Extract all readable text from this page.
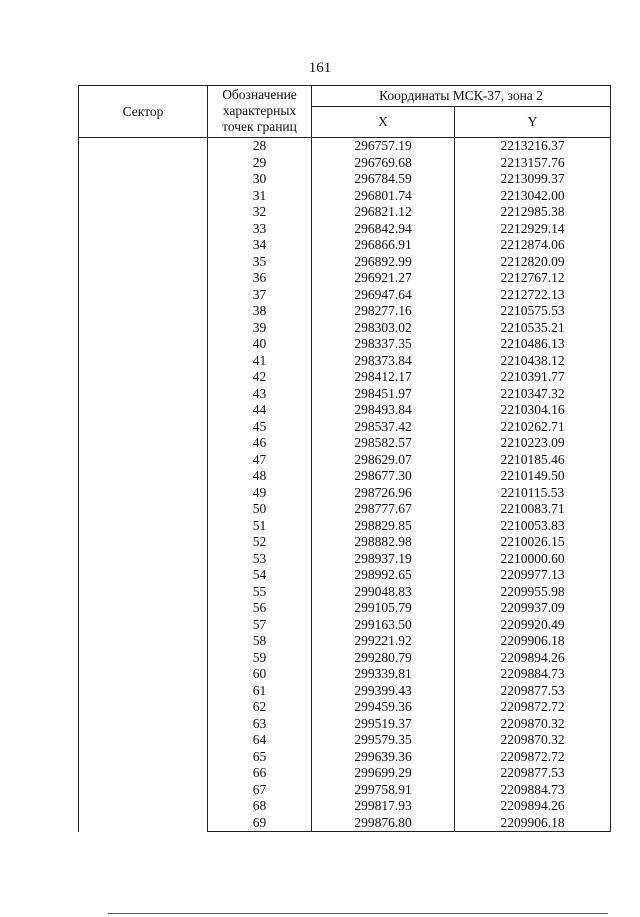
161
Сектор	Обозначение характерных точек границ	Координаты МСК-37, зона 2	
		X	Y
	28	296757.19	2213216.37
	29	296769.68	2213157.76
	30	296784.59	2213099.37
	31	296801.74	2213042.00
	32	296821.12	2212985.38
	33	296842.94	2212929.14
	34	296866.91	2212874.06
	35	296892.99	2212820.09
	36	296921.27	2212767.12
	37	296947.64	2212722.13
	38	298277.16	2210575.53
	39	298303.02	2210535.21
	40	298337.35	2210486.13
	41	298373.84	2210438.12
	42	298412.17	2210391.77
	43	298451.97	2210347.32
	44	298493.84	2210304.16
	45	298537.42	2210262.71
	46	298582.57	2210223.09
	47	298629.07	2210185.46
	48	298677.30	2210149.50
	49	298726.96	2210115.53
	50	298777.67	2210083.71
	51	298829.85	2210053.83
	52	298882.98	2210026.15
	53	298937.19	2210000.60
	54	298992.65	2209977.13
	55	299048.83	2209955.98
	56	299105.79	2209937.09
	57	299163.50	2209920.49
	58	299221.92	2209906.18
	59	299280.79	2209894.26
	60	299339.81	2209884.73
	61	299399.43	2209877.53
	62	299459.36	2209872.72
	63	299519.37	2209870.32
	64	299579.35	2209870.32
	65	299639.36	2209872.72
	66	299699.29	2209877.53
	67	299758.91	2209884.73
	68	299817.93	2209894.26
	69	299876.80	2209906.18
